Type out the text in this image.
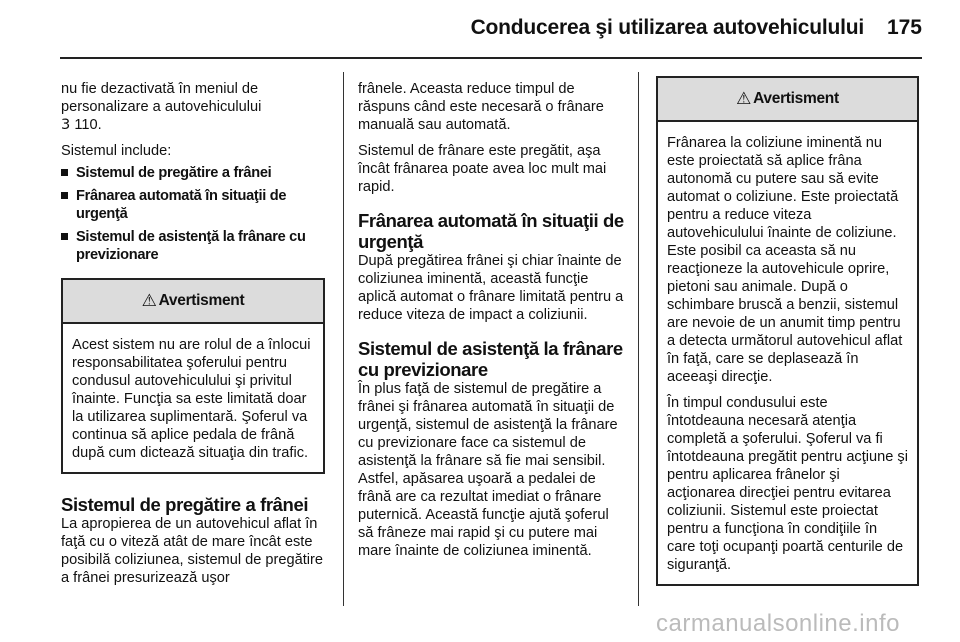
Conducerea şi utilizarea autovehiculului 175

nu fie dezactivată în meniul de personalizare a autovehiculului
3 110.

Sistemul include:

Sistemul de pregătire a frânei
Frânarea automată în situaţii de urgenţă
Sistemul de asistenţă la frânare cu previzionare
⚠ Avertisment

Acest sistem nu are rolul de a înlocui responsabilitatea şoferului pentru condusul autovehiculului şi privitul înainte. Funcţia sa este limitată doar la utilizarea suplimentară. Şoferul va continua să aplice pedala de frână după cum dictează situaţia din trafic.

Sistemul de pregătire a frânei

La apropierea de un autovehicul aflat în faţă cu o viteză atât de mare încât este posibilă coliziunea, sistemul de pregătire a frânei presurizează uşor

frânele. Aceasta reduce timpul de răspuns când este necesară o frânare manuală sau automată.

Sistemul de frânare este pregătit, aşa încât frânarea poate avea loc mult mai rapid.

Frânarea automată în situaţii de urgenţă

După pregătirea frânei şi chiar înainte de coliziunea iminentă, această funcţie aplică automat o frânare limitată pentru a reduce viteza de impact a coliziunii.

Sistemul de asistenţă la frânare cu previzionare

În plus faţă de sistemul de pregătire a frânei şi frânarea automată în situaţii de urgenţă, sistemul de asistenţă la frânare cu previzionare face ca sistemul de asistenţă la frânare să fie mai sensibil. Astfel, apăsarea uşoară a pedalei de frână are ca rezultat imediat o frânare puternică. Această funcţie ajută şoferul să frâneze mai rapid şi cu putere mai mare înainte de coliziunea iminentă.

⚠ Avertisment

Frânarea la coliziune iminentă nu este proiectată să aplice frâna autonomă cu putere sau să evite automat o coliziune. Este proiectată pentru a reduce viteza autovehiculului înainte de coliziune. Este posibil ca aceasta să nu reacţioneze la autovehicule oprire, pietoni sau animale. După o schimbare bruscă a benzii, sistemul are nevoie de un anumit timp pentru a detecta următorul autovehicul aflat în faţă, care se deplasează în aceeaşi direcţie.

În timpul condusului este întotdeauna necesară atenţia completă a şoferului. Şoferul va fi întotdeauna pregătit pentru acţiune şi pentru aplicarea frânelor şi acţionarea direcţiei pentru evitarea coliziunii. Sistemul este proiectat pentru a funcţiona în condiţiile în care toţi ocupanţi poartă centurile de siguranţă.

carmanualsonline.info
